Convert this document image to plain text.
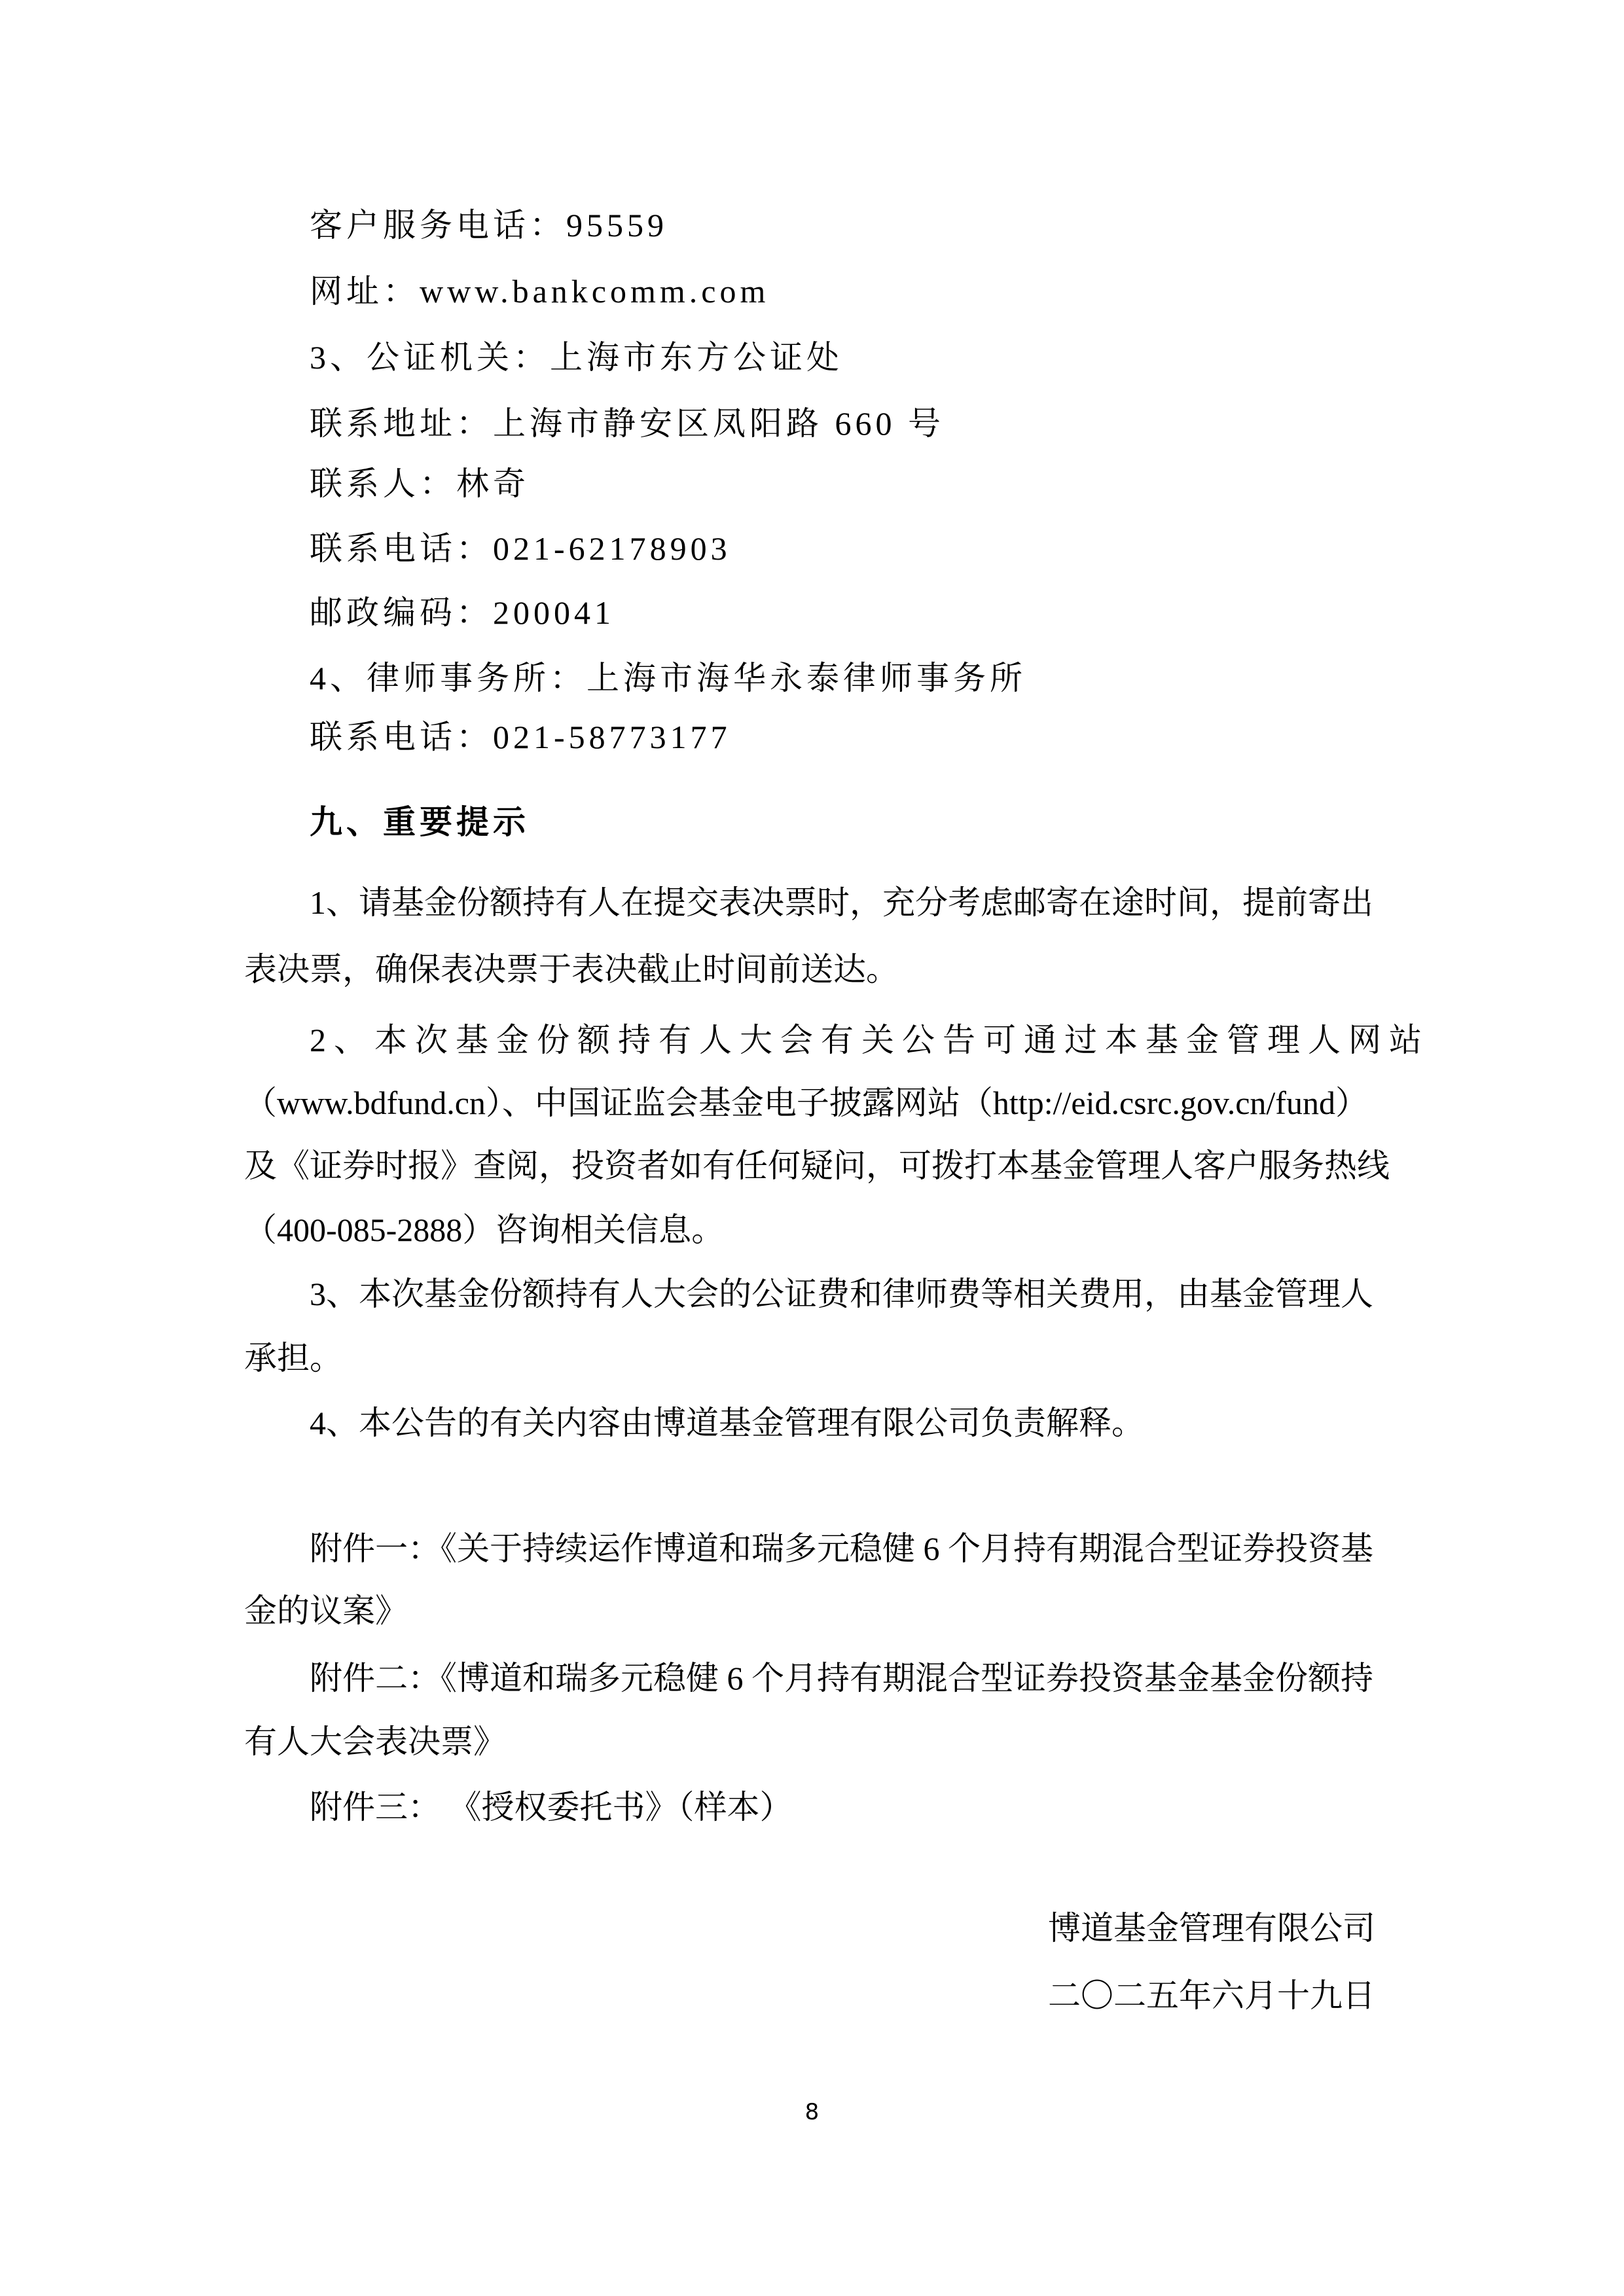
客户服务电话：95559
网址：www.bankcomm.com
3、公证机关：上海市东方公证处
联系地址：上海市静安区凤阳路 660 号
联系人：林奇
联系电话：021-62178903
邮政编码：200041
4、律师事务所：上海市海华永泰律师事务所
联系电话：021-58773177
九、重要提示
1、请基金份额持有人在提交表决票时，充分考虑邮寄在途时间，提前寄出
表决票，确保表决票于表决截止时间前送达。
2、本次基金份额持有人大会有关公告可通过本基金管理人网站
（www.bdfund.cn）、中国证监会基金电子披露网站（http://eid.csrc.gov.cn/fund）
及《证券时报》查阅，投资者如有任何疑问，可拨打本基金管理人客户服务热线
（400-085-2888）咨询相关信息。
3、本次基金份额持有人大会的公证费和律师费等相关费用，由基金管理人
承担。
4、本公告的有关内容由博道基金管理有限公司负责解释。
附件一：《关于持续运作博道和瑞多元稳健 6 个月持有期混合型证券投资基
金的议案》
附件二：《博道和瑞多元稳健 6 个月持有期混合型证券投资基金基金份额持
有人大会表决票》
附件三： 《授权委托书》（样本）
博道基金管理有限公司
二〇二五年六月十九日
8
